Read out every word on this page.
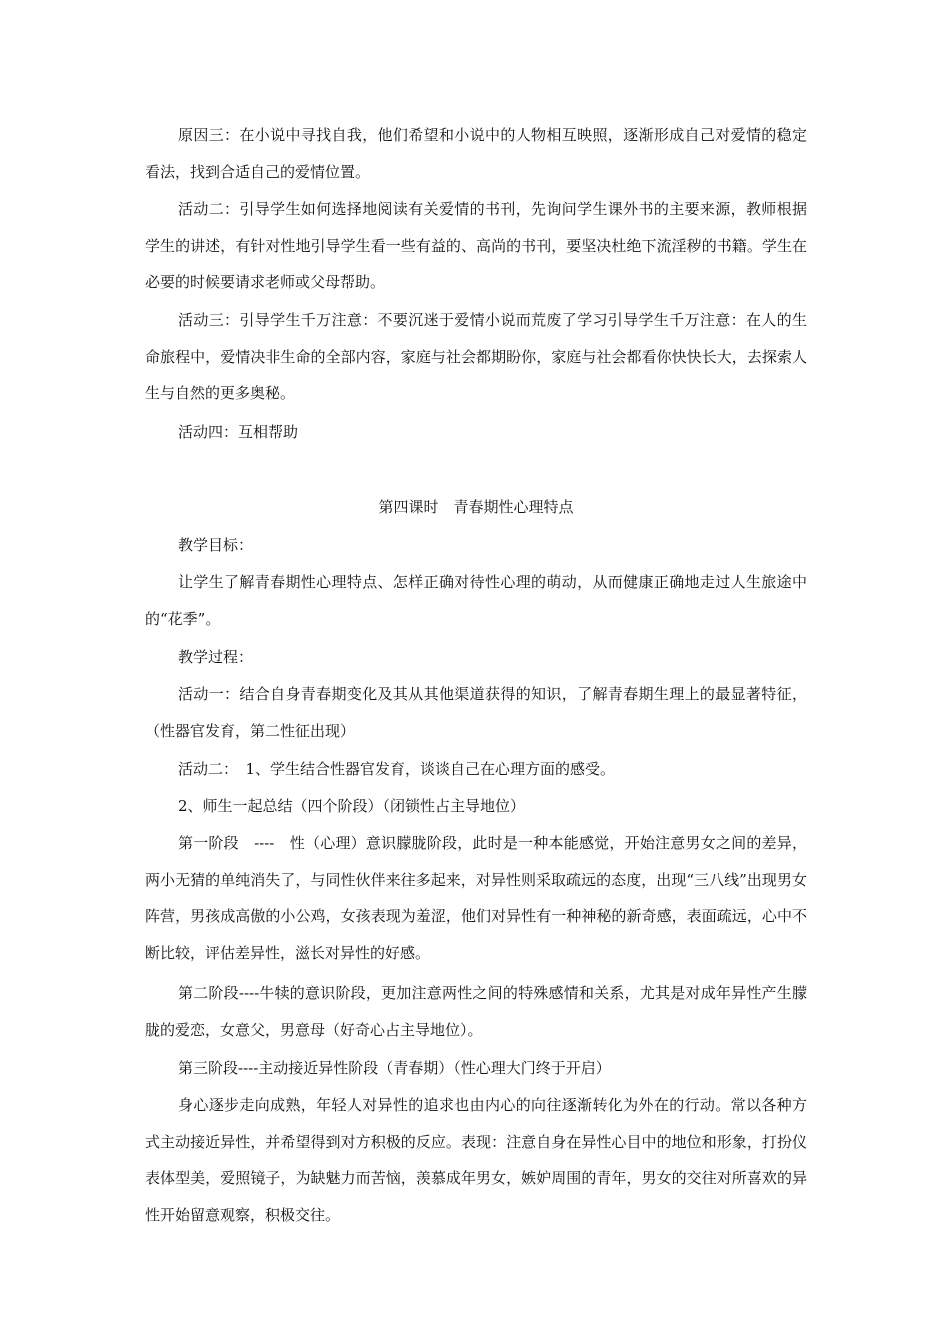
原因三：在小说中寻找自我，他们希望和小说中的人物相互映照，逐渐形成自己对爱情的稳定看法，找到合适自己的爱情位置。
活动二：引导学生如何选择地阅读有关爱情的书刊，先询问学生课外书的主要来源，教师根据学生的讲述，有针对性地引导学生看一些有益的、高尚的书刊，要坚决杜绝下流淫秽的书籍。学生在必要的时候要请求老师或父母帮助。
活动三：引导学生千万注意：不要沉迷于爱情小说而荒废了学习引导学生千万注意：在人的生命旅程中，爱情决非生命的全部内容，家庭与社会都期盼你，家庭与社会都看你快快长大，去探索人生与自然的更多奥秘。
活动四：互相帮助
第四课时　青春期性心理特点
教学目标：
让学生了解青春期性心理特点、怎样正确对待性心理的萌动，从而健康正确地走过人生旅途中的“花季”。
教学过程：
活动一：结合自身青春期变化及其从其他渠道获得的知识，了解青春期生理上的最显著特征，（性器官发育，第二性征出现）
活动二：　1、学生结合性器官发育，谈谈自己在心理方面的感受。
2、师生一起总结（四个阶段）（闭锁性占主导地位）
第一阶段　----　性（心理）意识朦胧阶段，此时是一种本能感觉，开始注意男女之间的差异，两小无猜的单纯消失了，与同性伙伴来往多起来，对异性则采取疏远的态度，出现“三八线”出现男女阵营，男孩成高傲的小公鸡，女孩表现为羞涩，他们对异性有一种神秘的新奇感，表面疏远，心中不断比较，评估差异性，滋长对异性的好感。
第二阶段----牛犊的意识阶段，更加注意两性之间的特殊感情和关系，尤其是对成年异性产生朦胧的爱恋，女意父，男意母（好奇心占主导地位）。
第三阶段----主动接近异性阶段（青春期）（性心理大门终于开启）
身心逐步走向成熟，年轻人对异性的追求也由内心的向往逐渐转化为外在的行动。常以各种方式主动接近异性，并希望得到对方积极的反应。表现：注意自身在异性心目中的地位和形象，打扮仪表体型美，爱照镜子，为缺魅力而苦恼，羡慕成年男女，嫉妒周围的青年，男女的交往对所喜欢的异性开始留意观察，积极交往。
